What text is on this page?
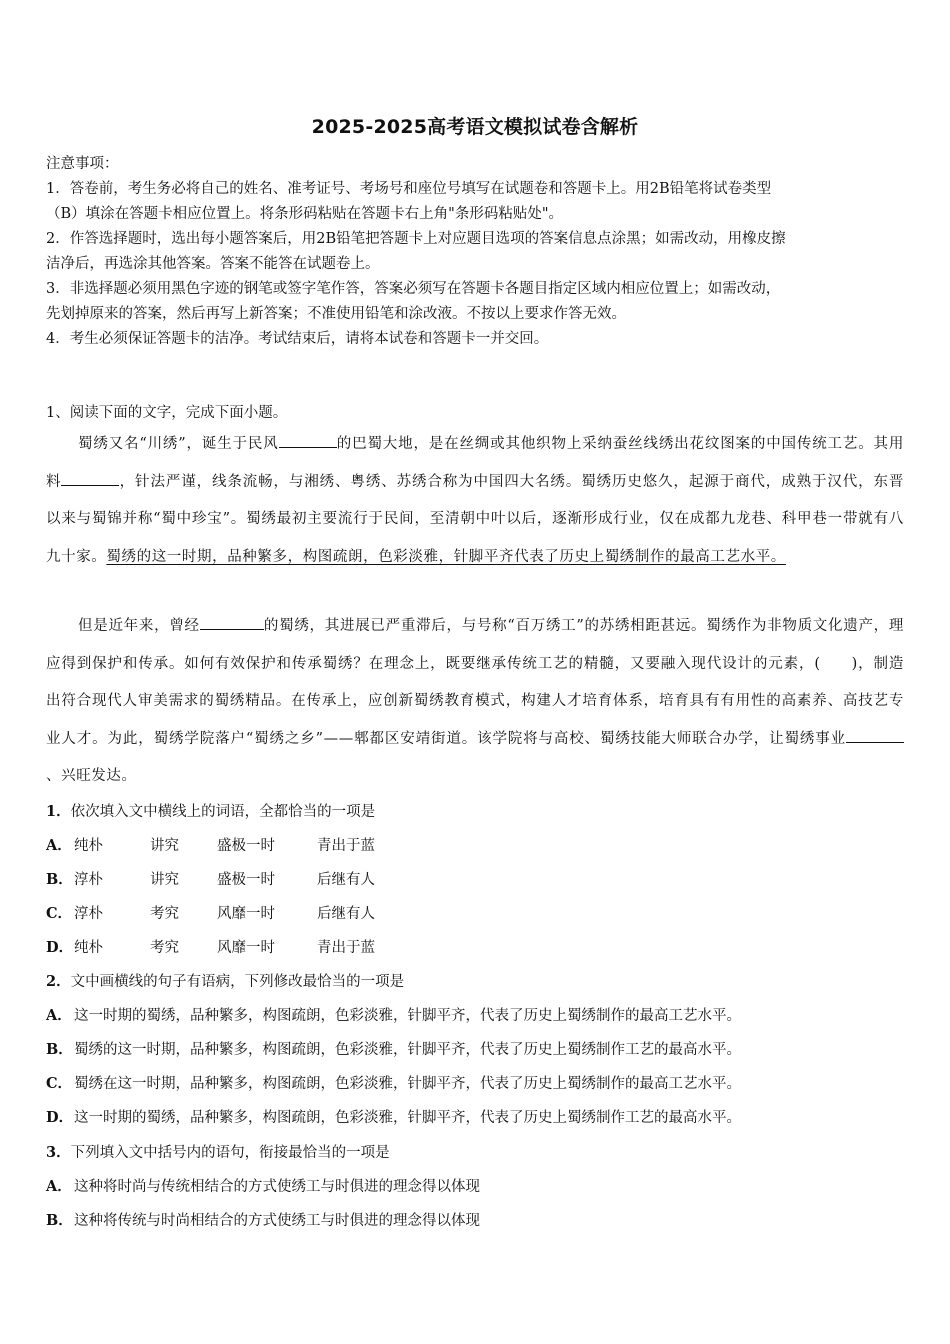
2025-2025高考语文模拟试卷含解析
注意事项：
1．答卷前，考生务必将自己的姓名、准考证号、考场号和座位号填写在试题卷和答题卡上。用2B铅笔将试卷类型
（B）填涂在答题卡相应位置上。将条形码粘贴在答题卡右上角"条形码粘贴处"。
2．作答选择题时，选出每小题答案后，用2B铅笔把答题卡上对应题目选项的答案信息点涂黑；如需改动，用橡皮擦
洁净后，再选涂其他答案。答案不能答在试题卷上。
3．非选择题必须用黑色字迹的钢笔或签字笔作答，答案必须写在答题卡各题目指定区域内相应位置上；如需改动，
先划掉原来的答案，然后再写上新答案；不准使用铅笔和涂改液。不按以上要求作答无效。
4．考生必须保证答题卡的洁净。考试结束后，请将本试卷和答题卡一并交回。
1、阅读下面的文字，完成下面小题。
蜀绣又名“川绣”，诞生于民风	的巴蜀大地，是在丝绸或其他织物上采纳蚕丝线绣出花纹图案的中国传统工艺。其用料	，针法严谨，线条流畅，与湘绣、粤绣、苏绣合称为中国四大名绣。蜀绣历史悠久，起源于商代，成熟于汉代，东晋以来与蜀锦并称“蜀中珍宝”。蜀绣最初主要流行于民间，至清朝中叶以后，逐渐形成行业，仅在成都九龙巷、科甲巷一带就有八九十家。蜀绣的这一时期，品种繁多，构图疏朗，色彩淡雅，针脚平齐代表了历史上蜀绣制作的最高工艺水平。
但是近年来，曾经	的蜀绣，其进展已严重滞后，与号称“百万绣工”的苏绣相距甚远。蜀绣作为非物质文化遗产，理应得到保护和传承。如何有效保护和传承蜀绣？在理念上，既要继承传统工艺的精髓，又要融入现代设计的元素，(　　)，制造出符合现代人审美需求的蜀绣精品。在传承上，应创新蜀绣教育模式，构建人才培育体系，培育具有有用性的高素养、高技艺专业人才。为此，蜀绣学院落户“蜀绣之乡”——郫都区安靖街道。该学院将与高校、蜀绣技能大师联合办学，让蜀绣事业、兴旺发达。
1．依次填入文中横线上的词语，全都恰当的一项是
A． 纯朴	讲究	盛极一时	青出于蓝
B．淳朴	讲究	盛极一时	后继有人
C． 淳朴	考究	风靡一时	后继有人
D．纯朴	考究	风靡一时	青出于蓝
2．文中画横线的句子有语病，下列修改最恰当的一项是
A． 这一时期的蜀绣，品种繁多，构图疏朗，色彩淡雅，针脚平齐，代表了历史上蜀绣制作的最高工艺水平。
B．蜀绣的这一时期，品种繁多，构图疏朗，色彩淡雅，针脚平齐，代表了历史上蜀绣制作工艺的最高水平。
C． 蜀绣在这一时期，品种繁多，构图疏朗，色彩淡雅，针脚平齐，代表了历史上蜀绣制作的最高工艺水平。
D．这一时期的蜀绣，品种繁多，构图疏朗，色彩淡雅，针脚平齐，代表了历史上蜀绣制作工艺的最高水平。
3．下列填入文中括号内的语句，衔接最恰当的一项是
A． 这种将时尚与传统相结合的方式使绣工与时俱进的理念得以体现
B．这种将传统与时尚相结合的方式使绣工与时俱进的理念得以体现
